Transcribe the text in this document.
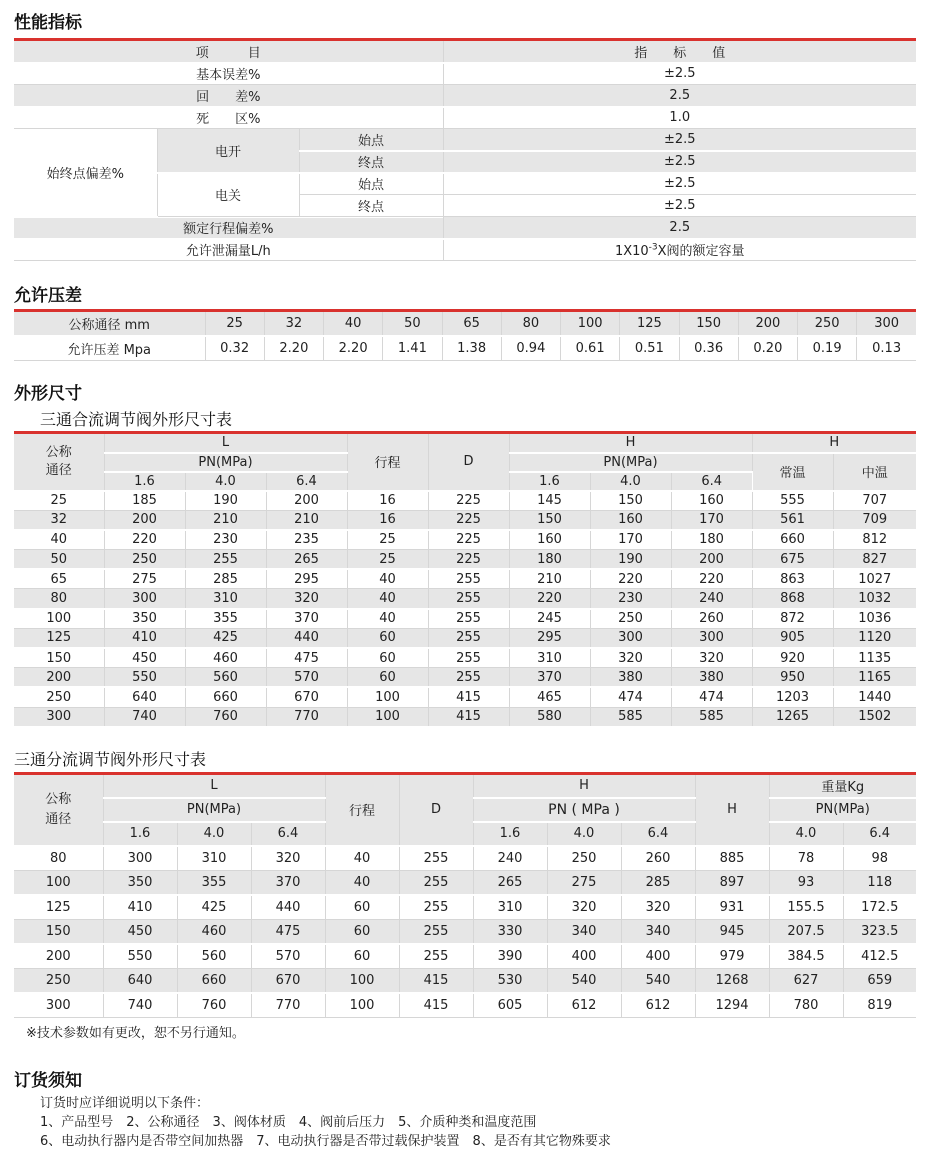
性能指标
项　　　目			指　　标　　值
基本误差%			±2.5
回　　差%			2.5
死　　区%			1.0
始终点偏差%	电开	始点	±2.5
		终点	±2.5
	电关	始点	±2.5
		终点	±2.5
额定行程偏差%			2.5
允许泄漏量L/h			$1X10^{-3}X$阀的额定容量
允许压差
公称通径 mm	25	32	40	50	65	80	100	125	150	200	250	300
允许压差 Mpa	0.32	2.20	2.20	1.41	1.38	0.94	0.61	0.51	0.36	0.20	0.19	0.13
外形尺寸
三通合流调节阀外形尺寸表
公称通径	L			行程	D	H			H	
	PN(MPa)					PN(MPa)			常温	中温
	1.6	4.0	6.4			1.6	4.0	6.4		
25	185	190	200	16	225	145	150	160	555	707
32	200	210	210	16	225	150	160	170	561	709
40	220	230	235	25	225	160	170	180	660	812
50	250	255	265	25	225	180	190	200	675	827
65	275	285	295	40	255	210	220	220	863	1027
80	300	310	320	40	255	220	230	240	868	1032
100	350	355	370	40	255	245	250	260	872	1036
125	410	425	440	60	255	295	300	300	905	1120
150	450	460	475	60	255	310	320	320	920	1135
200	550	560	570	60	255	370	380	380	950	1165
250	640	660	670	100	415	465	474	474	1203	1440
300	740	760	770	100	415	580	585	585	1265	1502
三通分流调节阀外形尺寸表
公称通径	L			行程	D	H			H	重量Kg	
	PN(MPa)					PN ( MPa )				PN(MPa)	
	1.6	4.0	6.4			1.6	4.0	6.4		4.0	6.4
80	300	310	320	40	255	240	250	260	885	78	98
100	350	355	370	40	255	265	275	285	897	93	118
125	410	425	440	60	255	310	320	320	931	155.5	172.5
150	450	460	475	60	255	330	340	340	945	207.5	323.5
200	550	560	570	60	255	390	400	400	979	384.5	412.5
250	640	660	670	100	415	530	540	540	1268	627	659
300	740	760	770	100	415	605	612	612	1294	780	819
※技术参数如有更改，恕不另行通知。
订货须知
订货时应详细说明以下条件：
1、产品型号　2、公称通径　3、阀体材质　4、阀前后压力　5、介质种类和温度范围
6、电动执行器内是否带空间加热器　7、电动执行器是否带过载保护装置　8、是否有其它物殊要求
